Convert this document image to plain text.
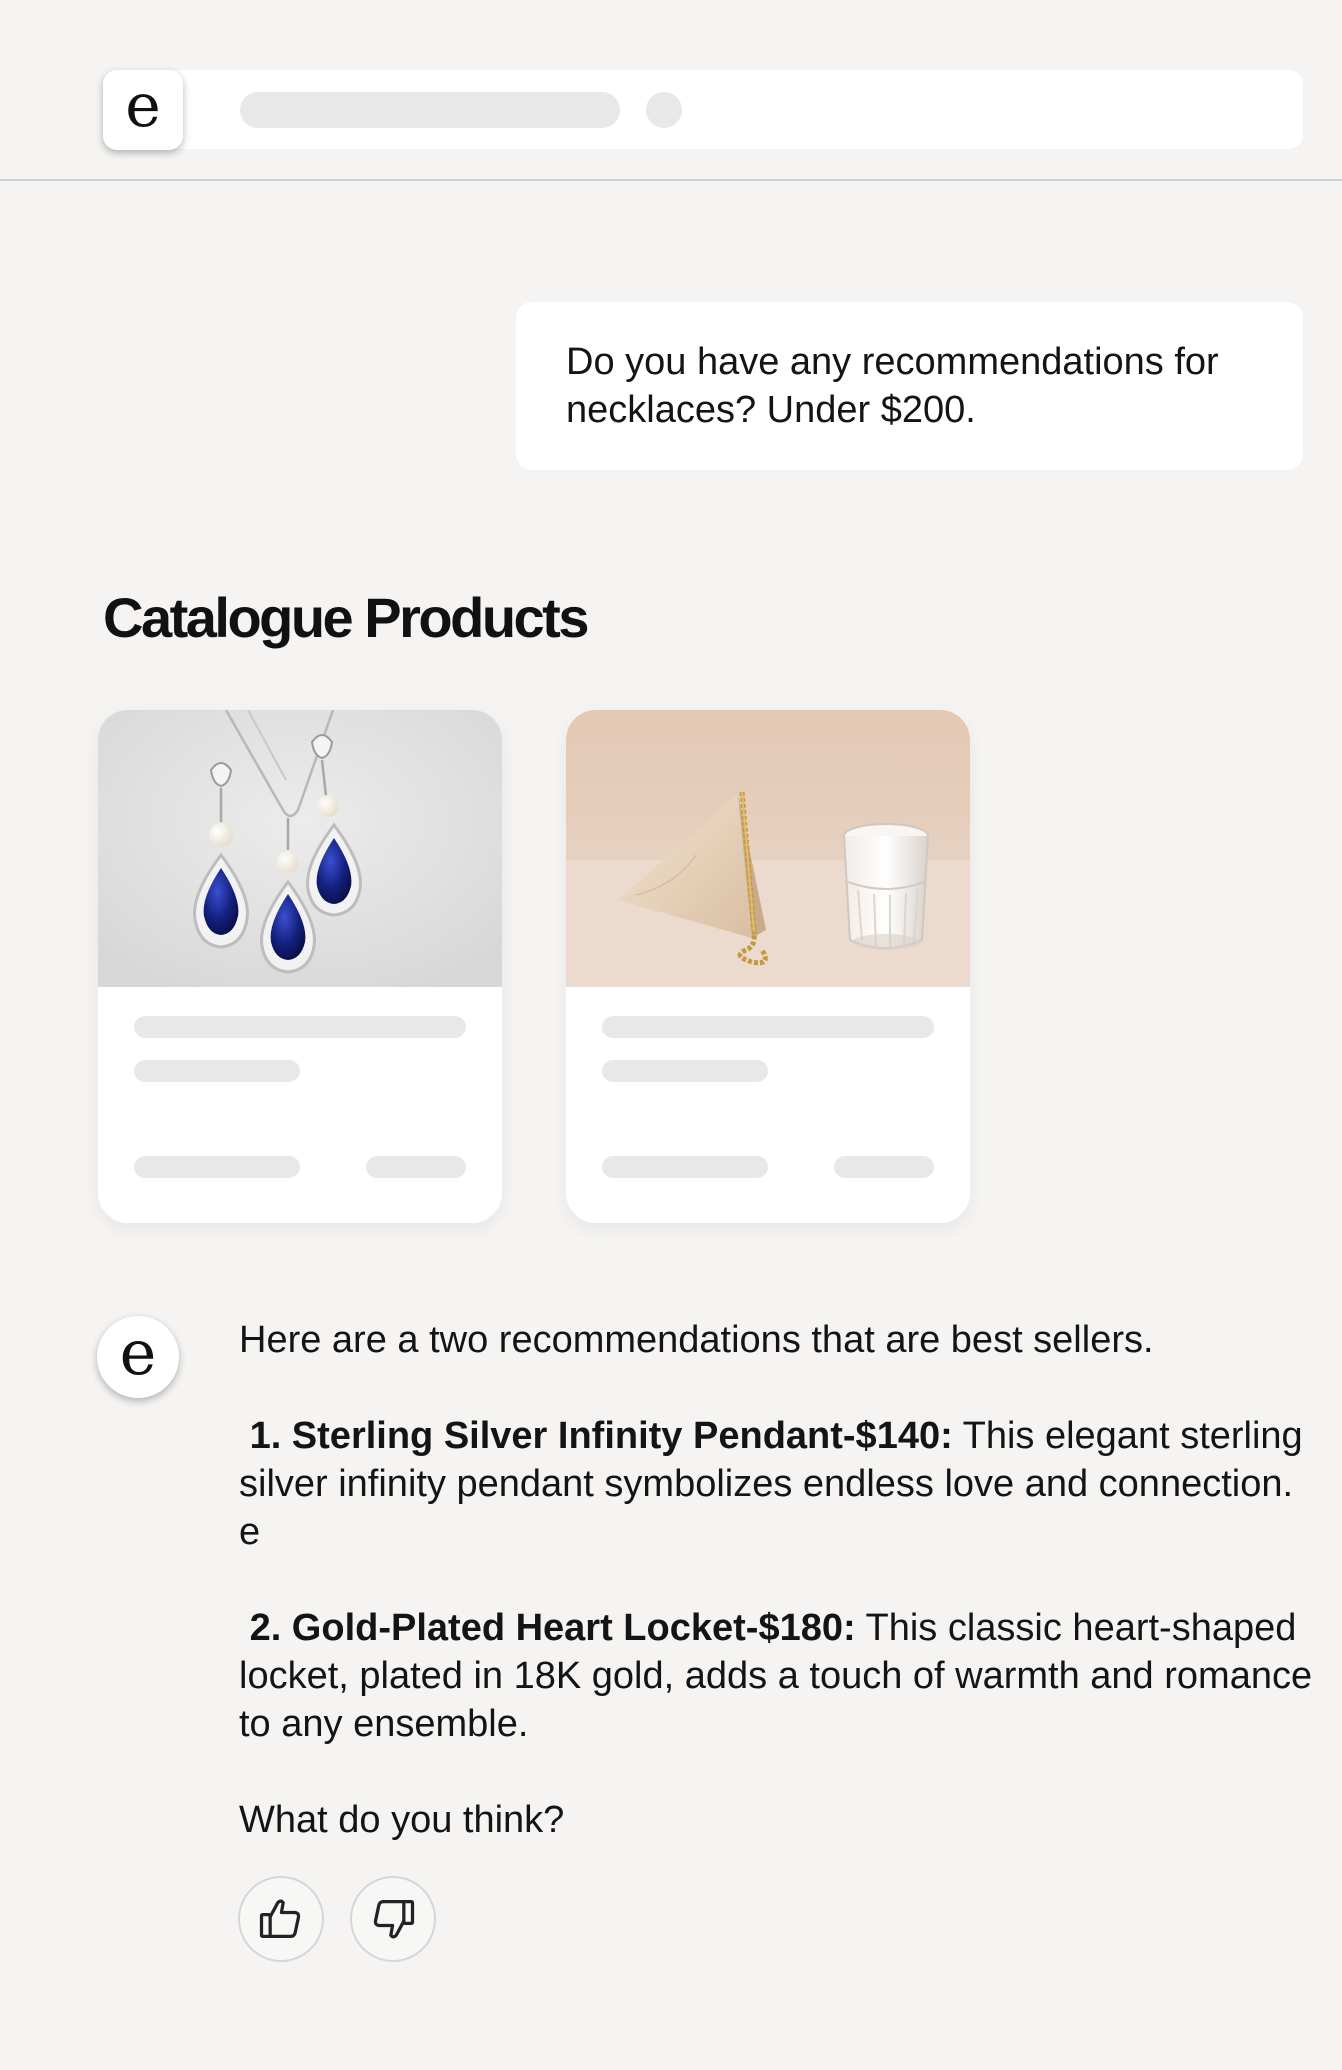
e
Do you have any recommendations for necklaces? Under $200.
Catalogue Products
e	Here are a two recommendations that are best sellers.

1. Sterling Silver Infinity Pendant-$140: This elegant sterling silver infinity pendant symbolizes endless love and connection. e

2. Gold-Plated Heart Locket-$180: This classic heart-shaped locket, plated in 18K gold, adds a touch of warmth and romance to any ensemble.

What do you think?
